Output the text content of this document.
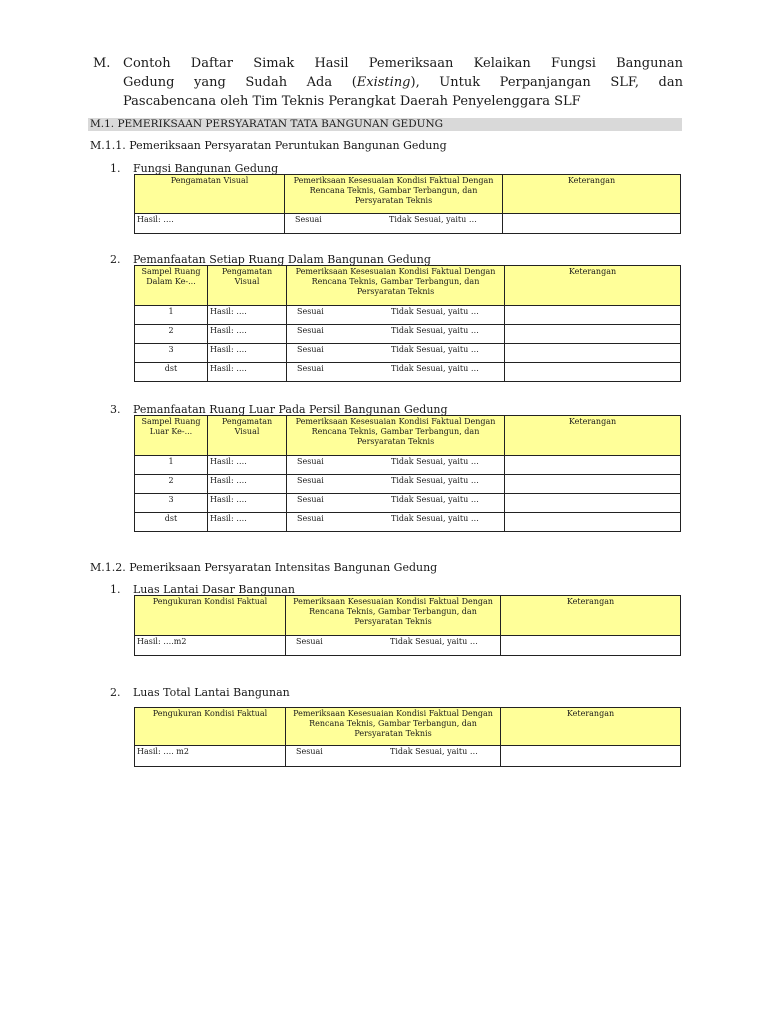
M. Contoh Daftar Simak Hasil Pemeriksaan Kelaikan Fungsi Bangunan
Gedung yang Sudah Ada (Existing), Untuk Perpanjangan SLF, dan
Pascabencana oleh Tim Teknis Perangkat Daerah Penyelenggara SLF
M.1. PEMERIKSAAN PERSYARATAN TATA BANGUNAN GEDUNG
M.1.1. Pemeriksaan Persyaratan Peruntukan Bangunan Gedung
1. Fungsi Bangunan Gedung
Pengamatan Visual	Pemeriksaan Kesesuaian Kondisi Faktual Dengan Rencana Teknis, Gambar Terbangun, dan Persyaratan Teknis	Keterangan
Hasil: ….	Sesuai Tidak Sesuai, yaitu …	
2. Pemanfaatan Setiap Ruang Dalam Bangunan Gedung
Sampel Ruang Dalam Ke-...	Pengamatan Visual	Pemeriksaan Kesesuaian Kondisi Faktual Dengan Rencana Teknis, Gambar Terbangun, dan Persyaratan Teknis	Keterangan
1	Hasil: ….	Sesuai Tidak Sesuai, yaitu …	
2	Hasil: ….	Sesuai Tidak Sesuai, yaitu …	
3	Hasil: ….	Sesuai Tidak Sesuai, yaitu …	
dst	Hasil: ….	Sesuai Tidak Sesuai, yaitu …	
3. Pemanfaatan Ruang Luar Pada Persil Bangunan Gedung
Sampel Ruang Luar Ke-...	Pengamatan Visual	Pemeriksaan Kesesuaian Kondisi Faktual Dengan Rencana Teknis, Gambar Terbangun, dan Persyaratan Teknis	Keterangan
1	Hasil: ….	Sesuai Tidak Sesuai, yaitu …	
2	Hasil: ….	Sesuai Tidak Sesuai, yaitu …	
3	Hasil: ….	Sesuai Tidak Sesuai, yaitu …	
dst	Hasil: ….	Sesuai Tidak Sesuai, yaitu …	
M.1.2. Pemeriksaan Persyaratan Intensitas Bangunan Gedung
1. Luas Lantai Dasar Bangunan
Pengukuran Kondisi Faktual	Pemeriksaan Kesesuaian Kondisi Faktual Dengan Rencana Teknis, Gambar Terbangun, dan Persyaratan Teknis	Keterangan
Hasil: ….m2	Sesuai Tidak Sesuai, yaitu …	
2. Luas Total Lantai Bangunan
Pengukuran Kondisi Faktual	Pemeriksaan Kesesuaian Kondisi Faktual Dengan Rencana Teknis, Gambar Terbangun, dan Persyaratan Teknis	Keterangan
Hasil: …. m2	Sesuai Tidak Sesuai, yaitu …	
